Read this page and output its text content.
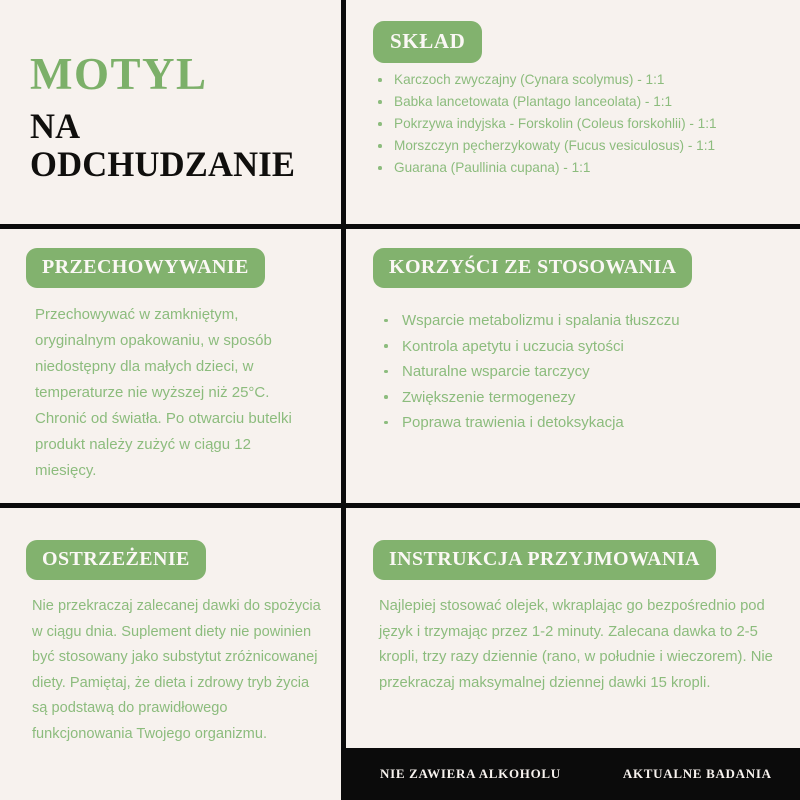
MOTYL
NA ODCHUDZANIE
SKŁAD
Karczoch zwyczajny (Cynara scolymus) - 1:1
Babka lancetowata (Plantago lanceolata) - 1:1
Pokrzywa indyjska - Forskolin (Coleus forskohlii) - 1:1
Morszczyn pęcherzykowaty (Fucus vesiculosus) - 1:1
Guarana (Paullinia cupana) - 1:1
PRZECHOWYWANIE
Przechowywać w zamkniętym, oryginalnym opakowaniu, w sposób niedostępny dla małych dzieci, w temperaturze nie wyższej niż 25°C. Chronić od światła. Po otwarciu butelki produkt należy zużyć w ciągu 12 miesięcy.
KORZYŚCI ZE STOSOWANIA
Wsparcie metabolizmu i spalania tłuszczu
Kontrola apetytu i uczucia sytości
Naturalne wsparcie tarczycy
Zwiększenie termogenezy
Poprawa trawienia i detoksykacja
OSTRZEŻENIE
Nie przekraczaj zalecanej dawki do spożycia w ciągu dnia. Suplement diety nie powinien być stosowany jako substytut zróżnicowanej diety. Pamiętaj, że dieta i zdrowy tryb życia są podstawą do prawidłowego funkcjonowania Twojego organizmu.
INSTRUKCJA PRZYJMOWANIA
Najlepiej stosować olejek, wkraplając go bezpośrednio pod język i trzymając przez 1-2 minuty. Zalecana dawka to 2-5 kropli, trzy razy dziennie (rano, w południe i wieczorem). Nie przekraczaj maksymalnej dziennej dawki 15 kropli.
NIE ZAWIERA ALKOHOLU	AKTUALNE BADANIA
